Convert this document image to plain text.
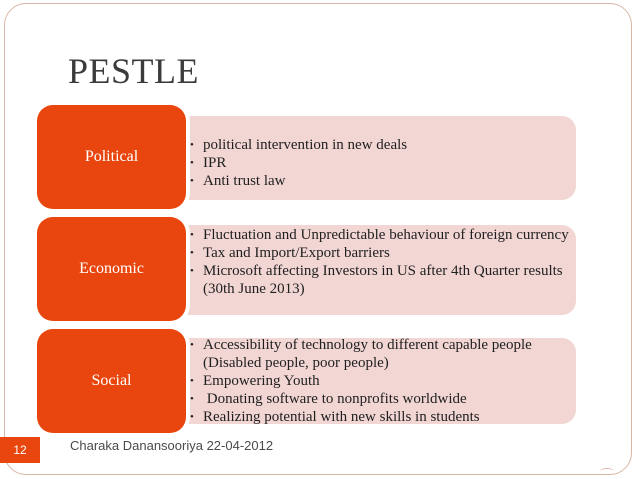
PESTLE
Political
• political intervention in new deals
• IPR
• Anti trust law
Economic
• Fluctuation and Unpredictable behaviour of foreign currency
• Tax and Import/Export barriers
• Microsoft affecting Investors in US after 4th Quarter results (30th June 2013)
Social
• Accessibility of technology to different capable people (Disabled people, poor people)
• Empowering Youth
• Donating software to nonprofits worldwide
• Realizing potential with new skills in students
12	Charaka Danansooriya 22-04-2012
